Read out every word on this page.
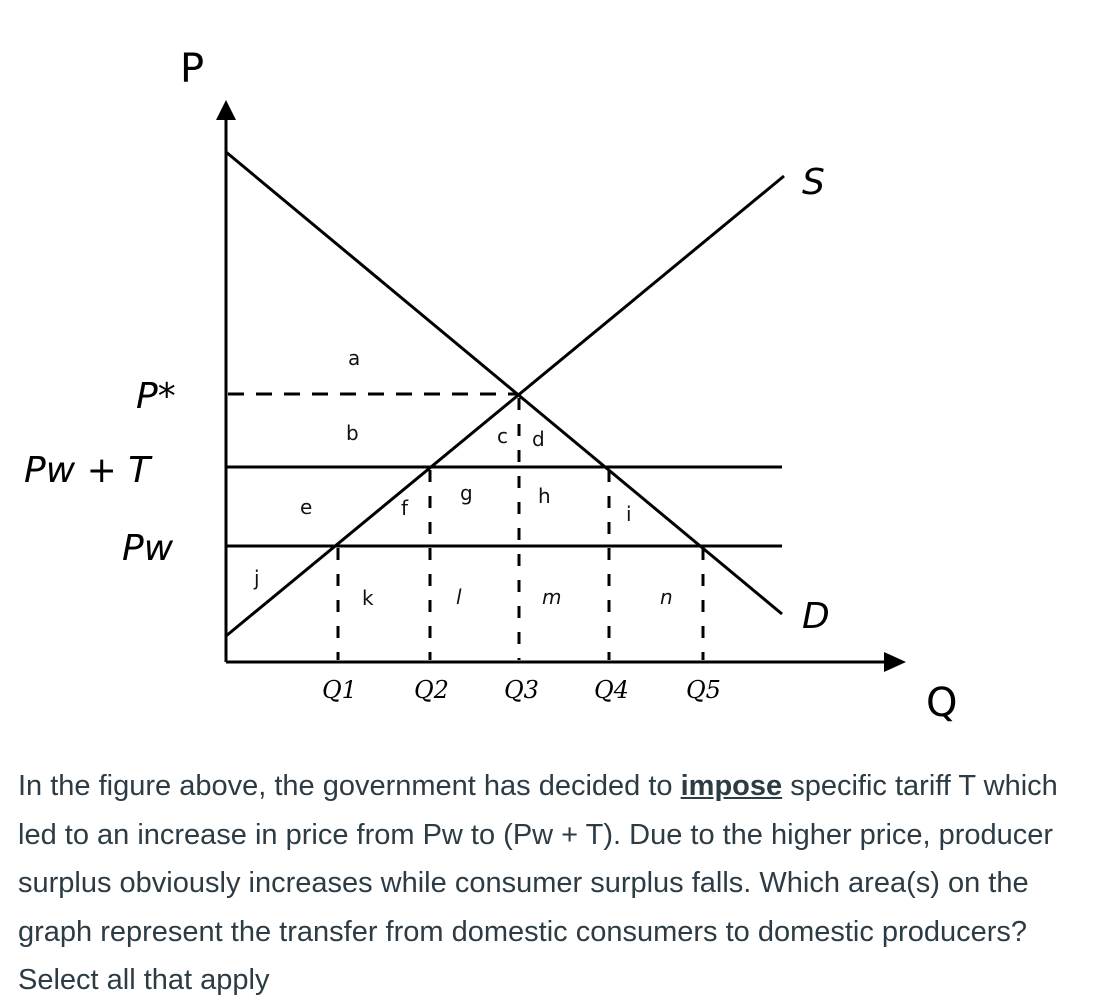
P
Q
S
D
P*
Pw + T
Pw
Q1 Q2 Q3 Q4 Q5
a
b	c d
e	f
g	h
i
j
k	l	m	n
In the figure above, the government has decided to impose specific tariff T which led to an increase in price from Pw to (Pw + T). Due to the higher price, producer surplus obviously increases while consumer surplus falls. Which area(s) on the graph represent the transfer from domestic consumers to domestic producers? Select all that apply
